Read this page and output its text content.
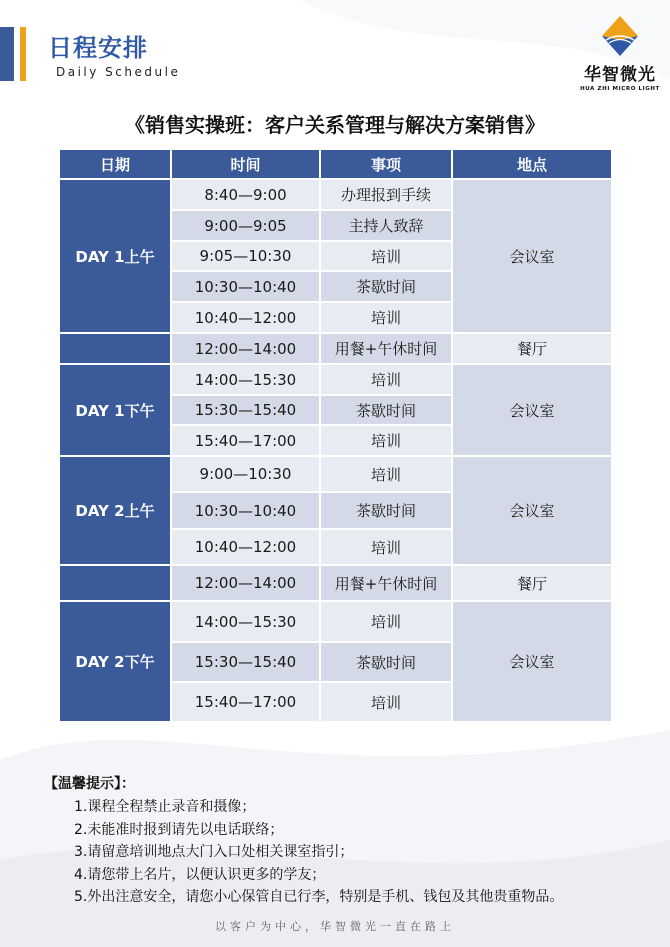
日程安排
Daily Schedule	华智微光
HUA ZHI MICRO LIGHT
《销售实操班：客户关系管理与解决方案销售》
日期	时间	事项	地点
DAY 1上午	8:40—9:00	办理报到手续	会议室
	9:00—9:05	主持人致辞	
	9:05—10:30	培训	
	10:30—10:40	茶歇时间	
	10:40—12:00	培训	
	12:00—14:00	用餐+午休时间	餐厅
DAY 1下午	14:00—15:30	培训	会议室
	15:30—15:40	茶歇时间	
	15:40—17:00	培训	
DAY 2上午	9:00—10:30	培训	会议室
	10:30—10:40	茶歇时间	
	10:40—12:00	培训	
	12:00—14:00	用餐+午休时间	餐厅
DAY 2下午	14:00—15:30	培训	会议室
	15:30—15:40	茶歇时间	
	15:40—17:00	培训	
【温馨提示】：
1.课程全程禁止录音和摄像；
2.未能准时报到请先以电话联络；
3.请留意培训地点大门入口处相关课室指引；
4.请您带上名片，以便认识更多的学友；
5.外出注意安全，请您小心保管自已行李，特别是手机、钱包及其他贵重物品。
以客户为中心，华智微光一直在路上
